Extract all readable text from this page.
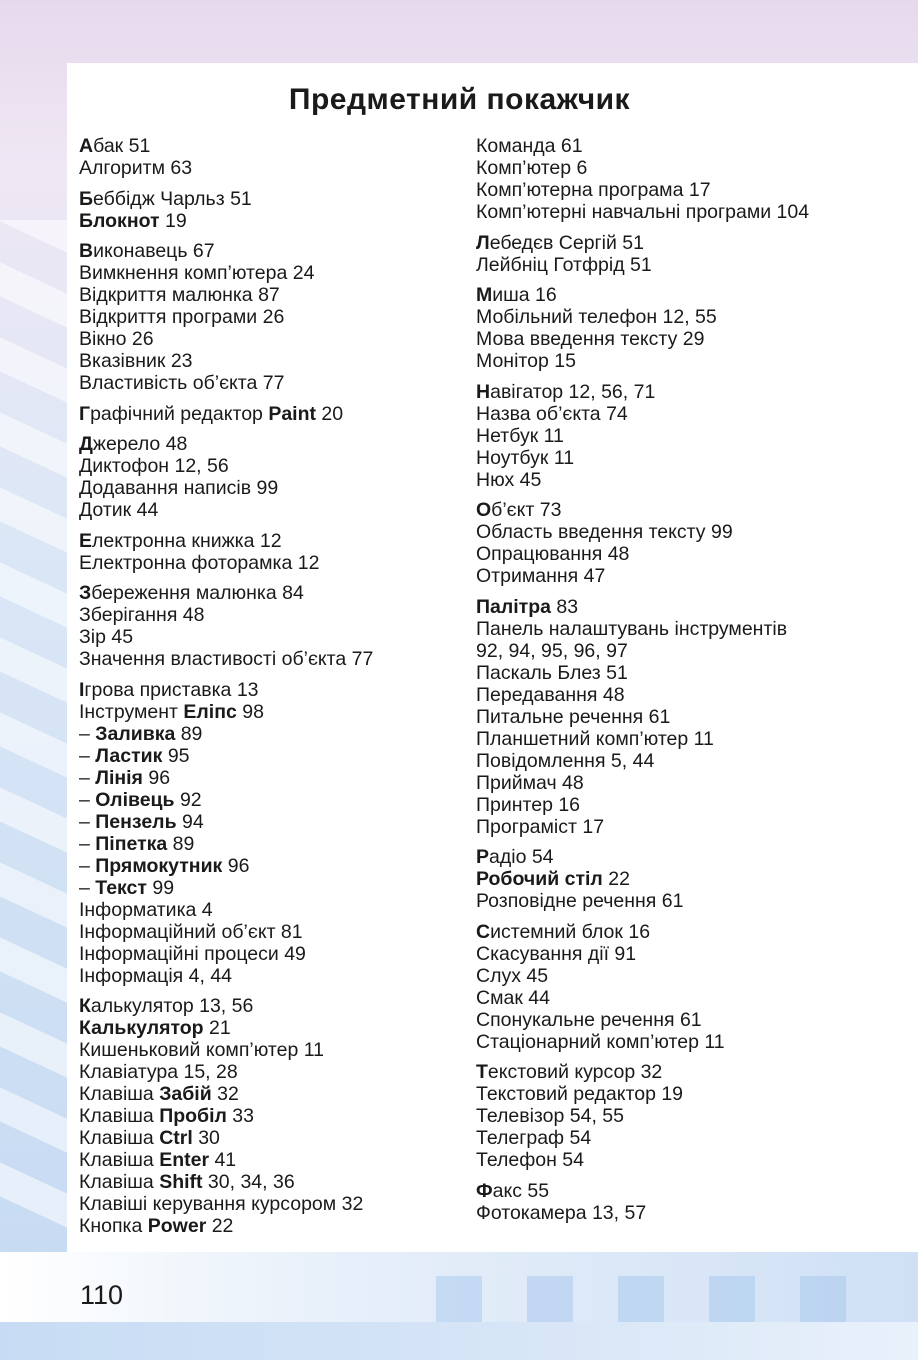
Предметний покажчик
Абак 51
Алгоритм 63
Беббідж Чарльз 51
Блокнот 19
Виконавець 67
Вимкнення комп’ютера 24
Відкриття малюнка 87
Відкриття програми 26
Вікно 26
Вказівник 23
Властивість об’єкта 77
Графічний редактор Paint 20
Джерело 48
Диктофон 12, 56
Додавання написів 99
Дотик 44
Електронна книжка 12
Електронна фоторамка 12
Збереження малюнка 84
Зберігання 48
Зір 45
Значення властивості об’єкта 77
Ігрова приставка 13
Інструмент Еліпс 98
– Заливка 89
– Ластик 95
– Лінія 96
– Олівець 92
– Пензель 94
– Піпетка 89
– Прямокутник 96
– Текст 99
Інформатика 4
Інформаційний об’єкт 81
Інформаційні процеси 49
Інформація 4, 44
Калькулятор 13, 56
Калькулятор 21
Кишеньковий комп’ютер 11
Клавіатура 15, 28
Клавіша Забій 32
Клавіша Пробіл 33
Клавіша Ctrl 30
Клавіша Enter 41
Клавіша Shift 30, 34, 36
Клавіші керування курсором 32
Кнопка Power 22
Команда 61
Комп’ютер 6
Комп’ютерна програма 17
Комп’ютерні навчальні програми 104
Лебедєв Сергій 51
Лейбніц Готфрід 51
Миша 16
Мобільний телефон 12, 55
Мова введення тексту 29
Монітор 15
Навігатор 12, 56, 71
Назва об’єкта 74
Нетбук 11
Ноутбук 11
Нюх 45
Об’єкт 73
Область введення тексту 99
Опрацювання 48
Отримання 47
Палітра 83
Панель налаштувань інструментів
92, 94, 95, 96, 97
Паскаль Блез 51
Передавання 48
Питальне речення 61
Планшетний комп’ютер 11
Повідомлення 5, 44
Приймач 48
Принтер 16
Програміст 17
Радіо 54
Робочий стіл 22
Розповідне речення 61
Системний блок 16
Скасування дії 91
Слух 45
Смак 44
Спонукальне речення 61
Стаціонарний комп’ютер 11
Текстовий курсор 32
Текстовий редактор 19
Телевізор 54, 55
Телеграф 54
Телефон 54
Факс 55
Фотокамера 13, 57
110
